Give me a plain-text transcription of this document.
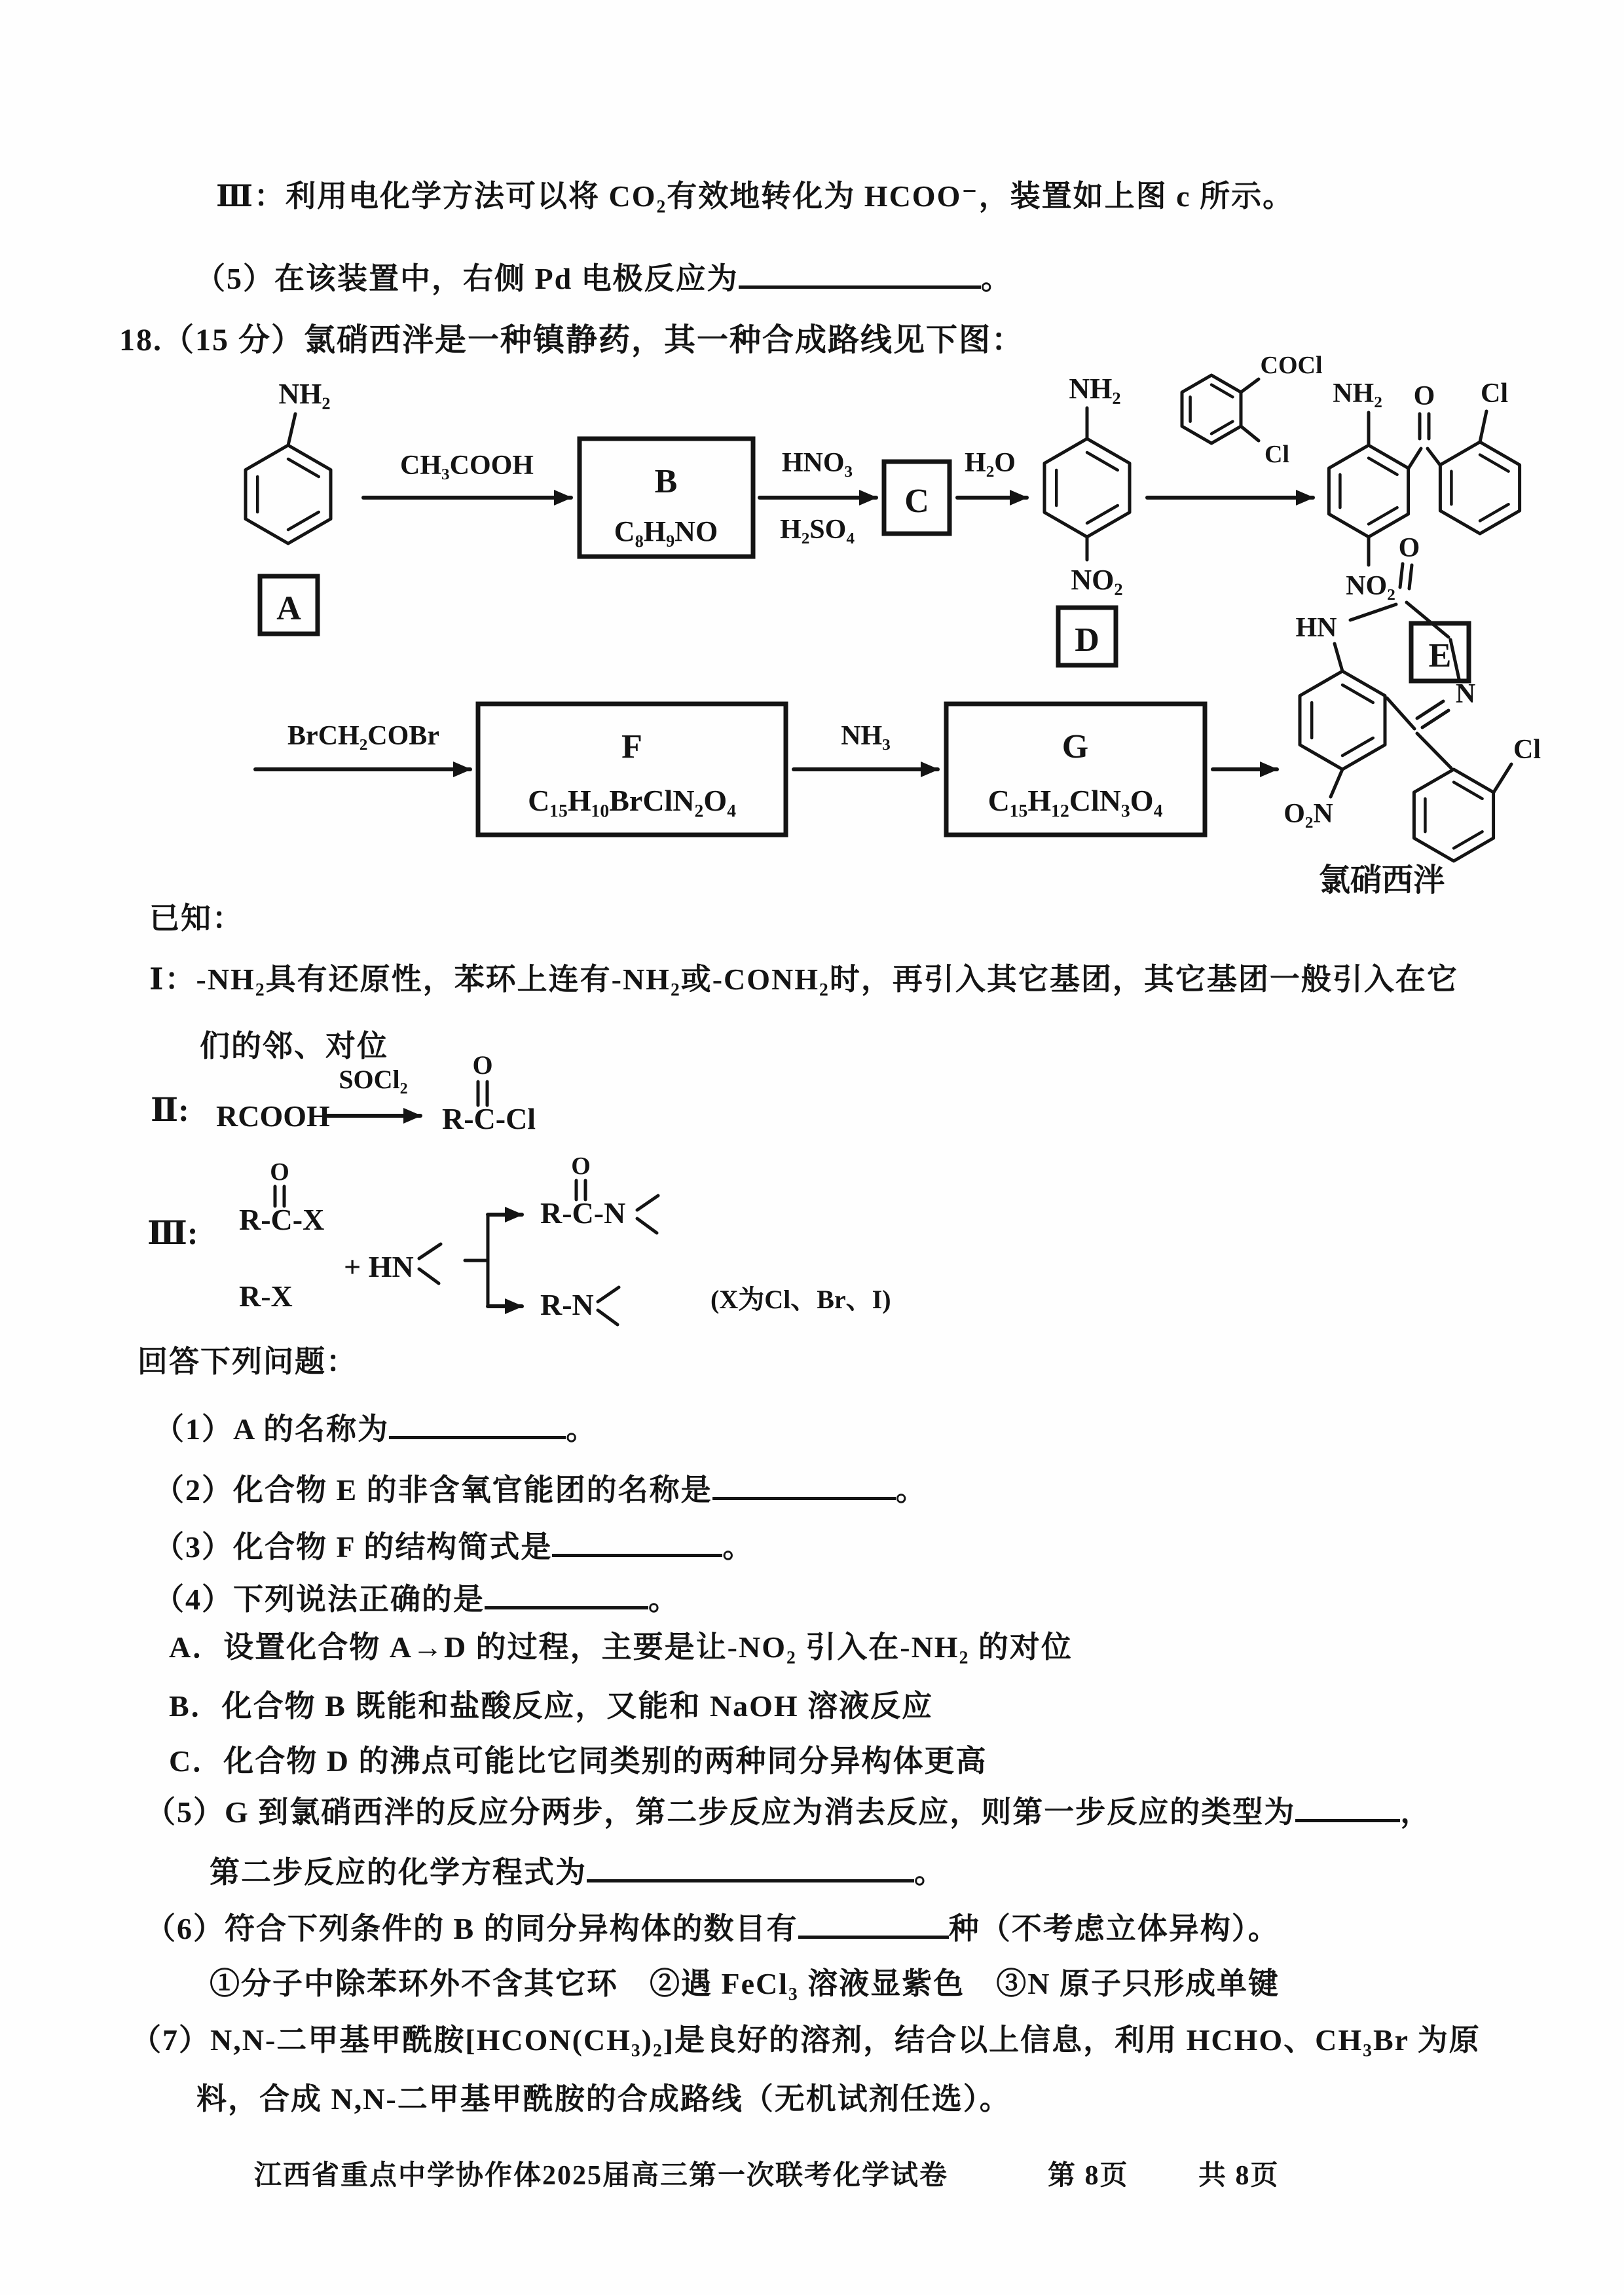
Ⅲ：利用电化学方法可以将 CO₂有效地转化为 HCOO⁻，装置如上图 c 所示。
（5）在该装置中，右侧 Pd 电极反应为	。
18.（15 分）氯硝西泮是一种镇静药，其一种合成路线见下图：
NH₂
A
CH₃COOH	B
C₈H₉NO
HNO₃
H₂SO₄
C
H₂O
NH₂
NO₂
D
COCl
Cl
NH₂ O Cl
NO₂
E
BrCH₂COBr	F
C₁₅H₁₀BrClN₂O₄
NH₃	G
C₁₅H₁₂ClN₃O₄
HN
O
N
Cl
O₂N
氯硝西泮
已知：
Ⅰ：-NH₂具有还原性，苯环上连有-NH₂或-CONH₂时，再引入其它基团，其它基团一般引入在它
们的邻、对位
Ⅱ: RCOOH
SOCl₂
R-C-Cl
O
Ⅲ: R-C-X
O
R-X
+ HN
R-C-N
O
R-N	(X为Cl、Br、I)
回答下列问题：
（1）A 的名称为	。
（2）化合物 E 的非含氧官能团的名称是	。
（3）化合物 F 的结构简式是	。
（4）下列说法正确的是	。
A．设置化合物 A→D 的过程，主要是让-NO₂ 引入在-NH₂ 的对位
B．化合物 B 既能和盐酸反应，又能和 NaOH 溶液反应
C．化合物 D 的沸点可能比它同类别的两种同分异构体更高
（5）G 到氯硝西泮的反应分两步，第二步反应为消去反应，则第一步反应的类型为	，
第二步反应的化学方程式为	。
（6）符合下列条件的 B 的同分异构体的数目有	种（不考虑立体异构）。
①分子中除苯环外不含其它环　②遇 FeCl₃ 溶液显紫色　③N 原子只形成单键
（7）N,N-二甲基甲酰胺[HCON(CH₃)₂]是良好的溶剂，结合以上信息，利用 HCHO、CH₃Br 为原
料，合成 N,N-二甲基甲酰胺的合成路线（无机试剂任选）。
江西省重点中学协作体2025届高三第一次联考化学试卷	第 8页	共 8页
